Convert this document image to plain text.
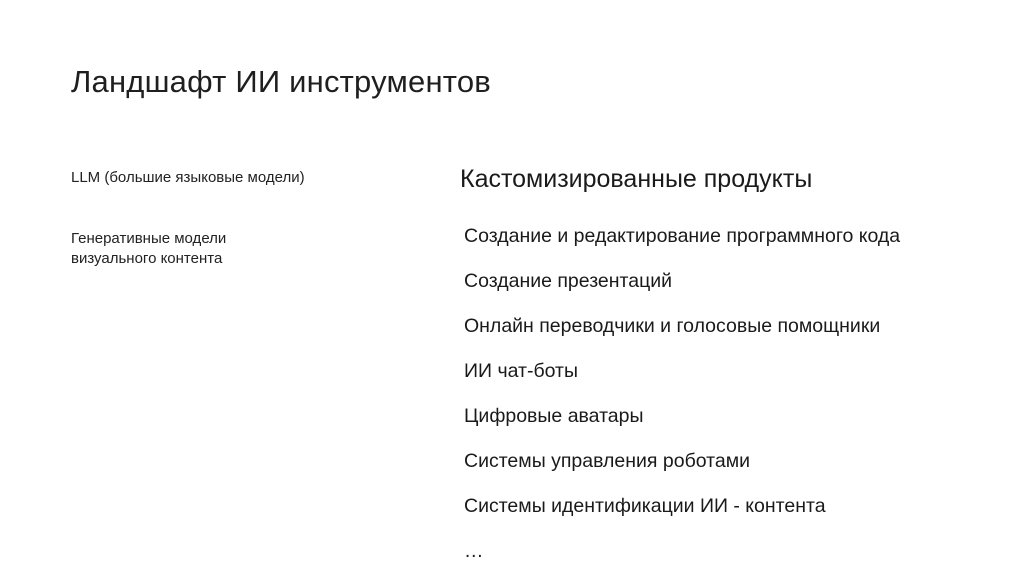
Ландшафт ИИ инструментов
LLM (большие языковые модели)
Генеративные модели визуального контента
Кастомизированные продукты
Создание и редактирование программного кода
Создание презентаций
Онлайн переводчики и голосовые помощники
ИИ чат-боты
Цифровые аватары
Системы управления роботами
Системы идентификации ИИ - контента
…
